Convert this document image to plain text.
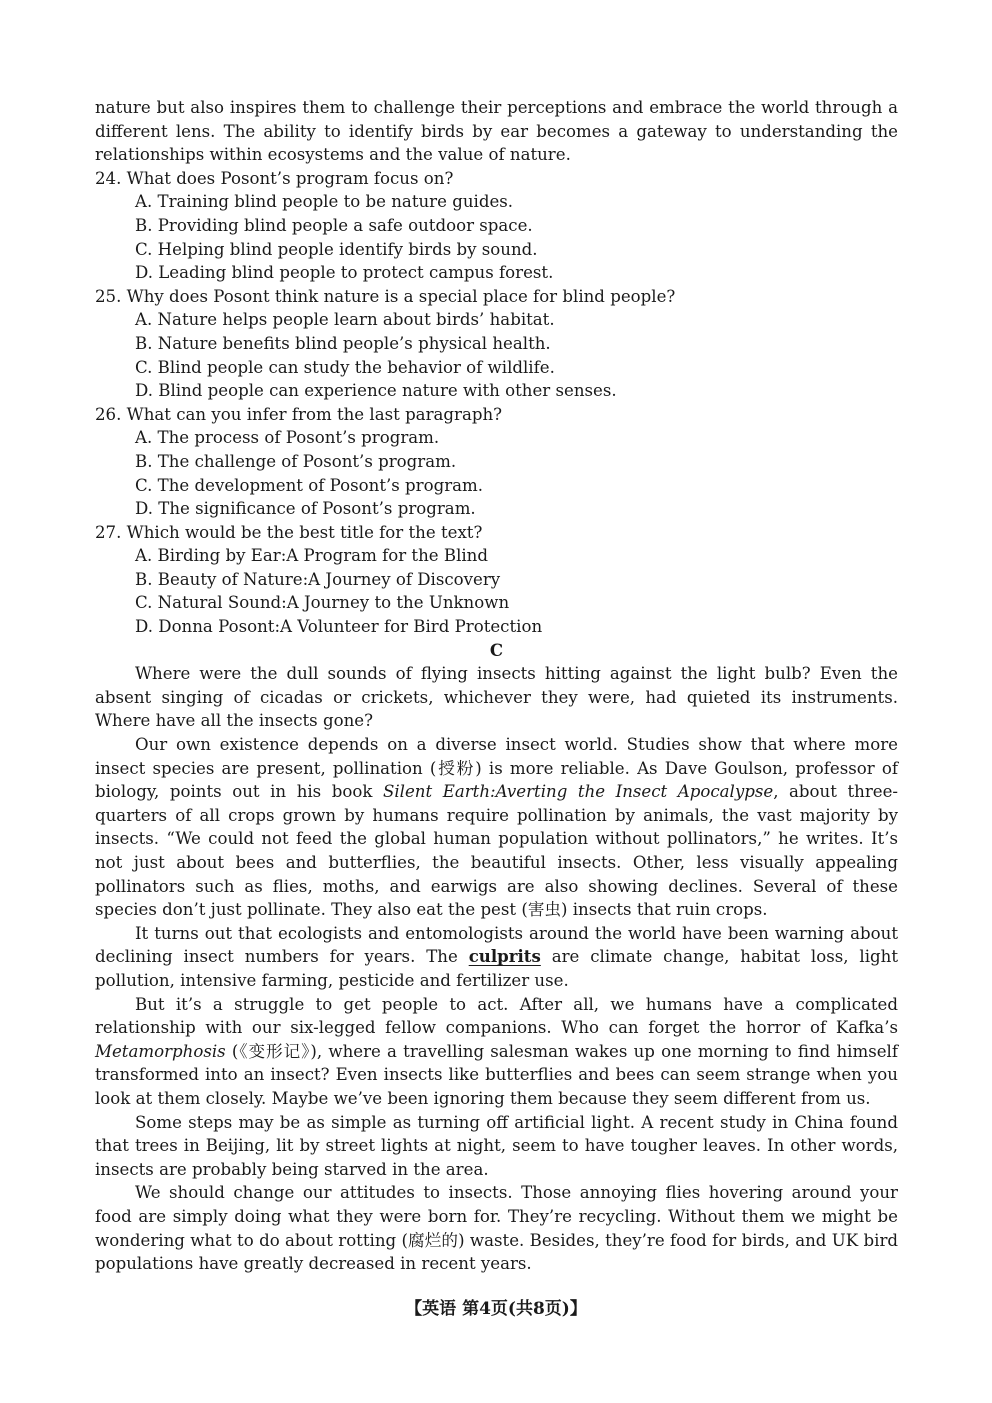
nature but also inspires them to challenge their perceptions and embrace the world through a different lens. The ability to identify birds by ear becomes a gateway to understanding the relationships within ecosystems and the value of nature.

24. What does Posont’s program focus on?

A. Training blind people to be nature guides.

B. Providing blind people a safe outdoor space.

C. Helping blind people identify birds by sound.

D. Leading blind people to protect campus forest.

25. Why does Posont think nature is a special place for blind people?

A. Nature helps people learn about birds’ habitat.

B. Nature benefits blind people’s physical health.

C. Blind people can study the behavior of wildlife.

D. Blind people can experience nature with other senses.

26. What can you infer from the last paragraph?

A. The process of Posont’s program.

B. The challenge of Posont’s program.

C. The development of Posont’s program.

D. The significance of Posont’s program.

27. Which would be the best title for the text?

A. Birding by Ear:A Program for the Blind

B. Beauty of Nature:A Journey of Discovery

C. Natural Sound:A Journey to the Unknown

D. Donna Posont:A Volunteer for Bird Protection

C

Where were the dull sounds of flying insects hitting against the light bulb? Even the absent singing of cicadas or crickets, whichever they were, had quieted its instruments. Where have all the insects gone?

Our own existence depends on a diverse insect world. Studies show that where more insect species are present, pollination (授粉) is more reliable. As Dave Goulson, professor of biology, points out in his book Silent Earth:Averting the Insect Apocalypse, about three-quarters of all crops grown by humans require pollination by animals, the vast majority by insects. “We could not feed the global human population without pollinators,” he writes. It’s not just about bees and butterflies, the beautiful insects. Other, less visually appealing pollinators such as flies, moths, and earwigs are also showing declines. Several of these species don’t just pollinate. They also eat the pest (害虫) insects that ruin crops.

It turns out that ecologists and entomologists around the world have been warning about declining insect numbers for years. The culprits are climate change, habitat loss, light pollution, intensive farming, pesticide and fertilizer use.

But it’s a struggle to get people to act. After all, we humans have a complicated relationship with our six-legged fellow companions. Who can forget the horror of Kafka’s Metamorphosis (《变形记》), where a travelling salesman wakes up one morning to find himself transformed into an insect? Even insects like butterflies and bees can seem strange when you look at them closely. Maybe we’ve been ignoring them because they seem different from us.

Some steps may be as simple as turning off artificial light. A recent study in China found that trees in Beijing, lit by street lights at night, seem to have tougher leaves. In other words, insects are probably being starved in the area.

We should change our attitudes to insects. Those annoying flies hovering around your food are simply doing what they were born for. They’re recycling. Without them we might be wondering what to do about rotting (腐烂的) waste. Besides, they’re food for birds, and UK bird populations have greatly decreased in recent years.

【英语 第4页(共8页)】
